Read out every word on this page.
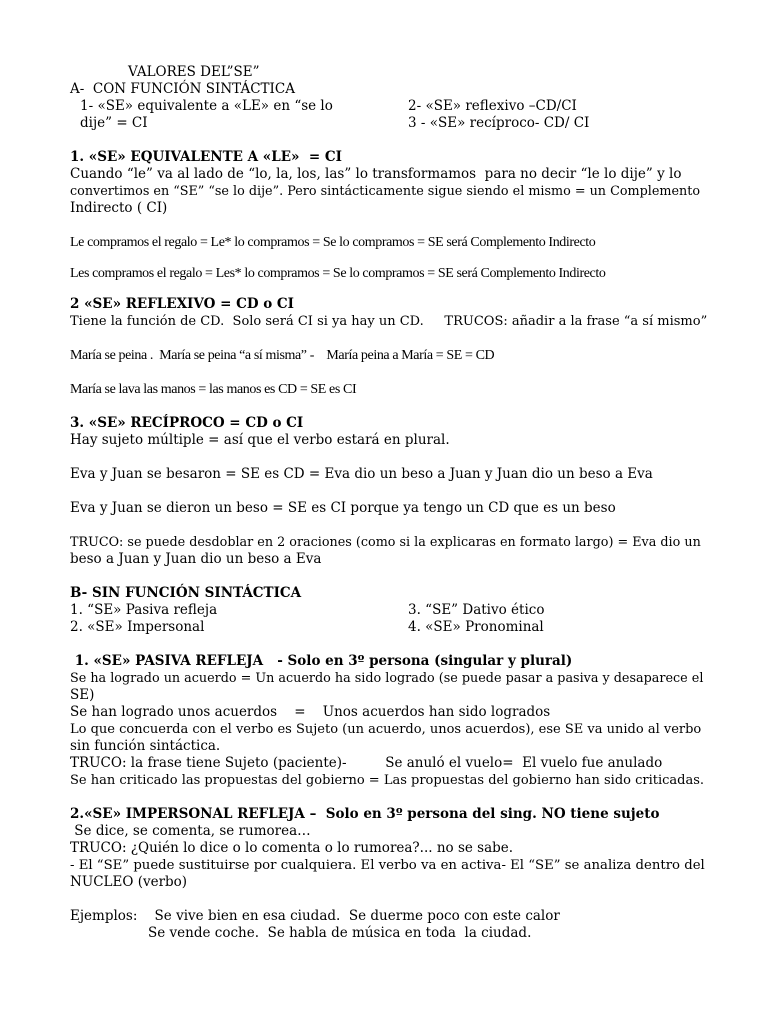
VALORES DEL”SE”
A-  CON FUNCIÓN SINTÁCTICA
1- «SE» equivalente a «LE» en “se lo	2- «SE» reflexivo –CD/CI
dije” = CI	3 - «SE» recíproco- CD/ CI
1. «SE» EQUIVALENTE A «LE»  = CI
Cuando “le” va al lado de “lo, la, los, las” lo transformamos  para no decir “le lo dije” y lo
convertimos en “SE” “se lo dije”. Pero sintácticamente sigue siendo el mismo = un Complemento
Indirecto ( CI)
Le compramos el regalo = Le* lo compramos = Se lo compramos = SE será Complemento Indirecto
Les compramos el regalo = Les* lo compramos = Se lo compramos = SE será Complemento Indirecto
2 «SE» REFLEXIVO = CD o CI
Tiene la función de CD.  Solo será CI si ya hay un CD.     TRUCOS: añadir a la frase “a sí mismo”
María se peina .  María se peina “a sí misma” -    María peina a María = SE = CD
María se lava las manos = las manos es CD = SE es CI
3. «SE» RECÍPROCO = CD o CI
Hay sujeto múltiple = así que el verbo estará en plural.
Eva y Juan se besaron = SE es CD = Eva dio un beso a Juan y Juan dio un beso a Eva
Eva y Juan se dieron un beso = SE es CI porque ya tengo un CD que es un beso
TRUCO: se puede desdoblar en 2 oraciones (como si la explicaras en formato largo) = Eva dio un
beso a Juan y Juan dio un beso a Eva
B- SIN FUNCIÓN SINTÁCTICA
1. “SE» Pasiva refleja	3. “SE” Dativo ético
2. «SE» Impersonal	4. «SE» Pronominal
1. «SE» PASIVA REFLEJA   - Solo en 3º persona (singular y plural)
Se ha logrado un acuerdo = Un acuerdo ha sido logrado (se puede pasar a pasiva y desaparece el
SE)
Se han logrado unos acuerdos    =    Unos acuerdos han sido logrados
Lo que concuerda con el verbo es Sujeto (un acuerdo, unos acuerdos), ese SE va unido al verbo
sin función sintáctica.
TRUCO: la frase tiene Sujeto (paciente)-         Se anuló el vuelo=  El vuelo fue anulado
Se han criticado las propuestas del gobierno = Las propuestas del gobierno han sido criticadas.
2.«SE» IMPERSONAL REFLEJA –  Solo en 3º persona del sing. NO tiene sujeto
Se dice, se comenta, se rumorea…
TRUCO: ¿Quién lo dice o lo comenta o lo rumorea?... no se sabe.
- El “SE” puede sustituirse por cualquiera. El verbo va en activa- El “SE” se analiza dentro del
NUCLEO (verbo)
Ejemplos:    Se vive bien en esa ciudad.  Se duerme poco con este calor
Se vende coche.  Se habla de música en toda  la ciudad.
